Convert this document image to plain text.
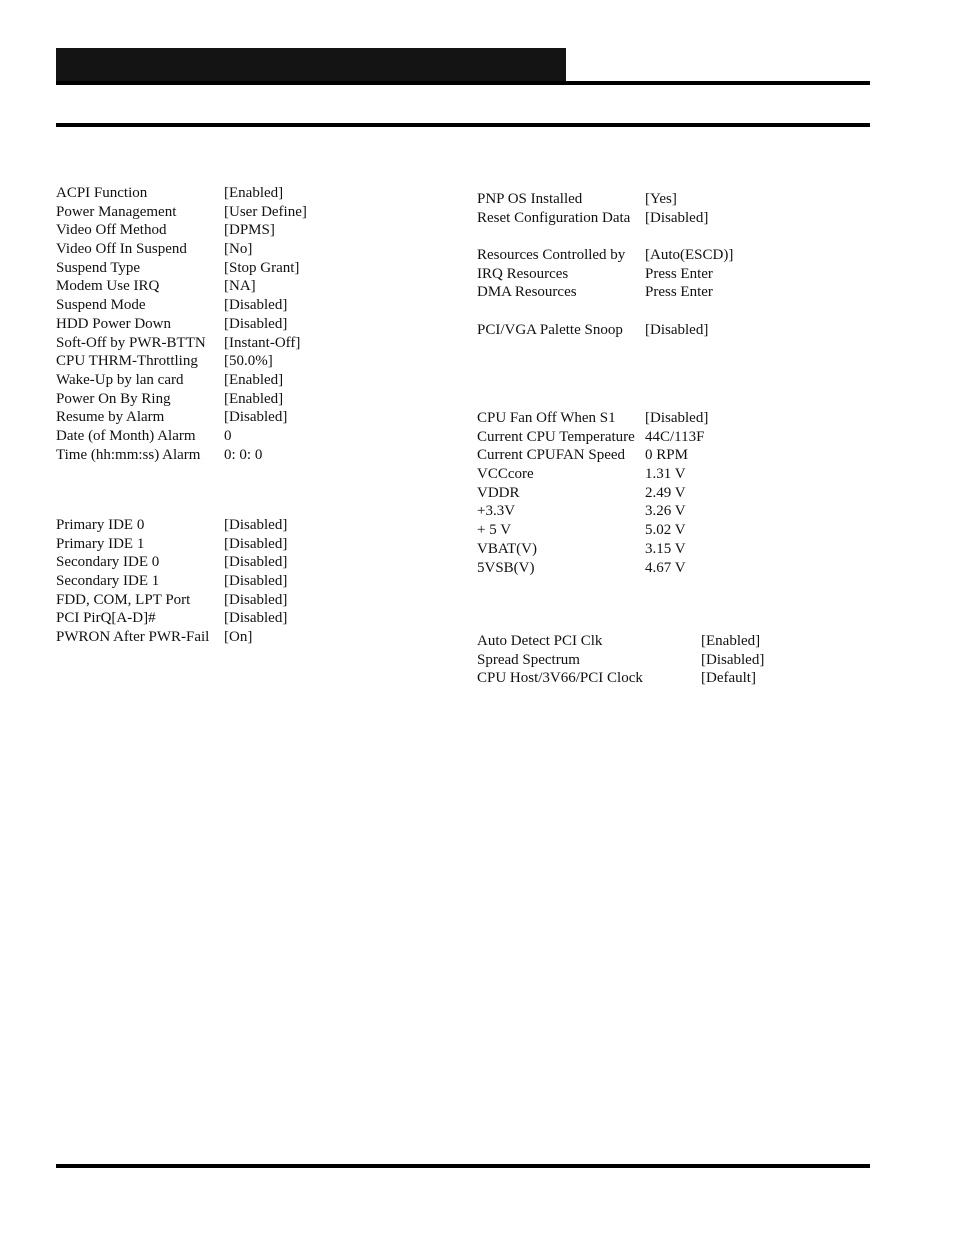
ACPI Function	[Enabled]
Power Management	[User Define]
Video Off Method	[DPMS]
Video Off In Suspend	[No]
Suspend Type	[Stop Grant]
Modem Use IRQ	[NA]
Suspend Mode	[Disabled]
HDD Power Down	[Disabled]
Soft-Off by PWR-BTTN	[Instant-Off]
CPU THRM-Throttling	[50.0%]
Wake-Up by lan card	[Enabled]
Power On By Ring	[Enabled]
Resume by Alarm	[Disabled]
Date (of Month) Alarm	0
Time (hh:mm:ss) Alarm	0: 0: 0
Primary IDE 0	[Disabled]
Primary IDE 1	[Disabled]
Secondary IDE 0	[Disabled]
Secondary IDE 1	[Disabled]
FDD, COM, LPT Port	[Disabled]
PCI PirQ[A-D]#	[Disabled]
PWRON After PWR-Fail [On]
PNP OS Installed	[Yes]
Reset Configuration Data [Disabled]
Resources Controlled by	[Auto(ESCD)]
IRQ Resources	Press Enter
DMA Resources	Press Enter
PCI/VGA Palette Snoop	[Disabled]
CPU Fan Off When S1	[Disabled]
Current CPU Temperature 44C/113F
Current CPUFAN Speed	0 RPM
VCCcore	1.31 V
VDDR	2.49 V
+3.3V	3.26 V
+ 5 V	5.02 V
VBAT(V)	3.15 V
5VSB(V)	4.67 V
Auto Detect PCI Clk	[Enabled]
Spread Spectrum	[Disabled]
CPU Host/3V66/PCI Clock	[Default]
